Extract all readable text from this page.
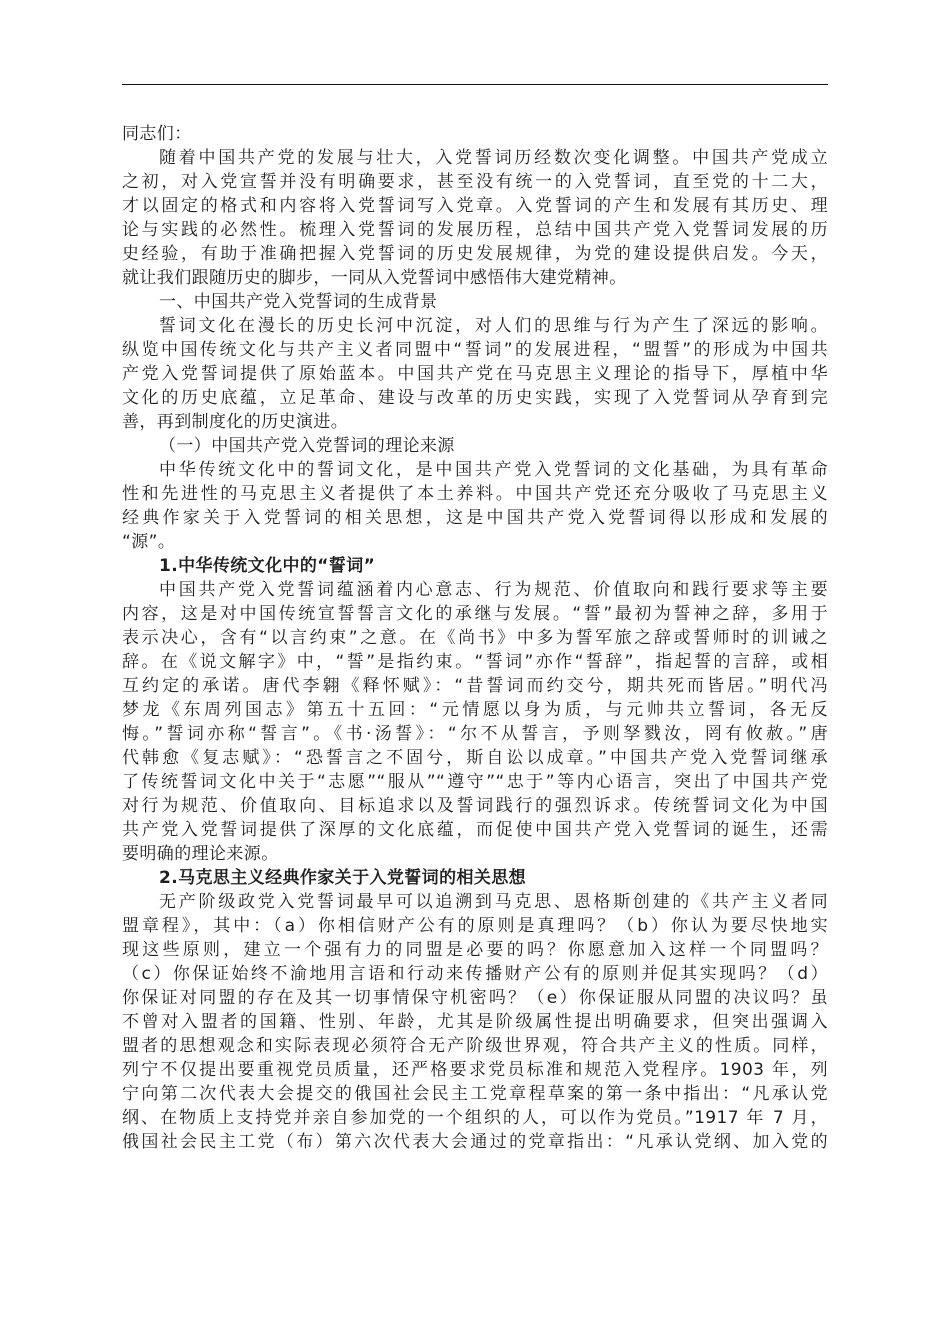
同志们：
随着中国共产党的发展与壮大，入党誓词历经数次变化调整。中国共产党成立
之初，对入党宣誓并没有明确要求，甚至没有统一的入党誓词，直至党的十二大，
才以固定的格式和内容将入党誓词写入党章。入党誓词的产生和发展有其历史、理
论与实践的必然性。梳理入党誓词的发展历程，总结中国共产党入党誓词发展的历
史经验，有助于准确把握入党誓词的历史发展规律，为党的建设提供启发。今天，
就让我们跟随历史的脚步，一同从入党誓词中感悟伟大建党精神。
一、中国共产党入党誓词的生成背景
誓词文化在漫长的历史长河中沉淀，对人们的思维与行为产生了深远的影响。
纵览中国传统文化与共产主义者同盟中“誓词”的发展进程，“盟誓”的形成为中国共
产党入党誓词提供了原始蓝本。中国共产党在马克思主义理论的指导下，厚植中华
文化的历史底蕴，立足革命、建设与改革的历史实践，实现了入党誓词从孕育到完
善，再到制度化的历史演进。
（一）中国共产党入党誓词的理论来源
中华传统文化中的誓词文化，是中国共产党入党誓词的文化基础，为具有革命
性和先进性的马克思主义者提供了本土养料。中国共产党还充分吸收了马克思主义
经典作家关于入党誓词的相关思想，这是中国共产党入党誓词得以形成和发展的
“源”。
1.中华传统文化中的“誓词”
中国共产党入党誓词蕴涵着内心意志、行为规范、价值取向和践行要求等主要
内容，这是对中国传统宣誓誓言文化的承继与发展。“誓”最初为誓神之辞，多用于
表示决心，含有“以言约束”之意。在《尚书》中多为誓军旅之辞或誓师时的训诫之
辞。在《说文解字》中，“誓”是指约束。“誓词”亦作“誓辞”，指起誓的言辞，或相
互约定的承诺。唐代李翱《释怀赋》：“昔誓词而约交兮，期共死而皆居。”明代冯
梦龙《东周列国志》第五十五回：“元情愿以身为质，与元帅共立誓词，各无反
悔。”誓词亦称“誓言”。《书·汤誓》：“尔不从誓言，予则孥戮汝，罔有攸赦。”唐
代韩愈《复志赋》：“恐誓言之不固兮，斯自讼以成章。”中国共产党入党誓词继承
了传统誓词文化中关于“志愿”“服从”“遵守”“忠于”等内心语言，突出了中国共产党
对行为规范、价值取向、目标追求以及誓词践行的强烈诉求。传统誓词文化为中国
共产党入党誓词提供了深厚的文化底蕴，而促使中国共产党入党誓词的诞生，还需
要明确的理论来源。
2.马克思主义经典作家关于入党誓词的相关思想
无产阶级政党入党誓词最早可以追溯到马克思、恩格斯创建的《共产主义者同
盟章程》，其中：（a）你相信财产公有的原则是真理吗？（b）你认为要尽快地实
现这些原则，建立一个强有力的同盟是必要的吗？你愿意加入这样一个同盟吗？
（c）你保证始终不渝地用言语和行动来传播财产公有的原则并促其实现吗？（d）
你保证对同盟的存在及其一切事情保守机密吗？（e）你保证服从同盟的决议吗？虽
不曾对入盟者的国籍、性别、年龄，尤其是阶级属性提出明确要求，但突出强调入
盟者的思想观念和实际表现必须符合无产阶级世界观，符合共产主义的性质。同样，
列宁不仅提出要重视党员质量，还严格要求党员标准和规范入党程序。1903 年，列
宁向第二次代表大会提交的俄国社会民主工党章程草案的第一条中指出：“凡承认党
纲、在物质上支持党并亲自参加党的一个组织的人，可以作为党员。”1917 年 7 月，
俄国社会民主工党（布）第六次代表大会通过的党章指出：“凡承认党纲、加入党的
